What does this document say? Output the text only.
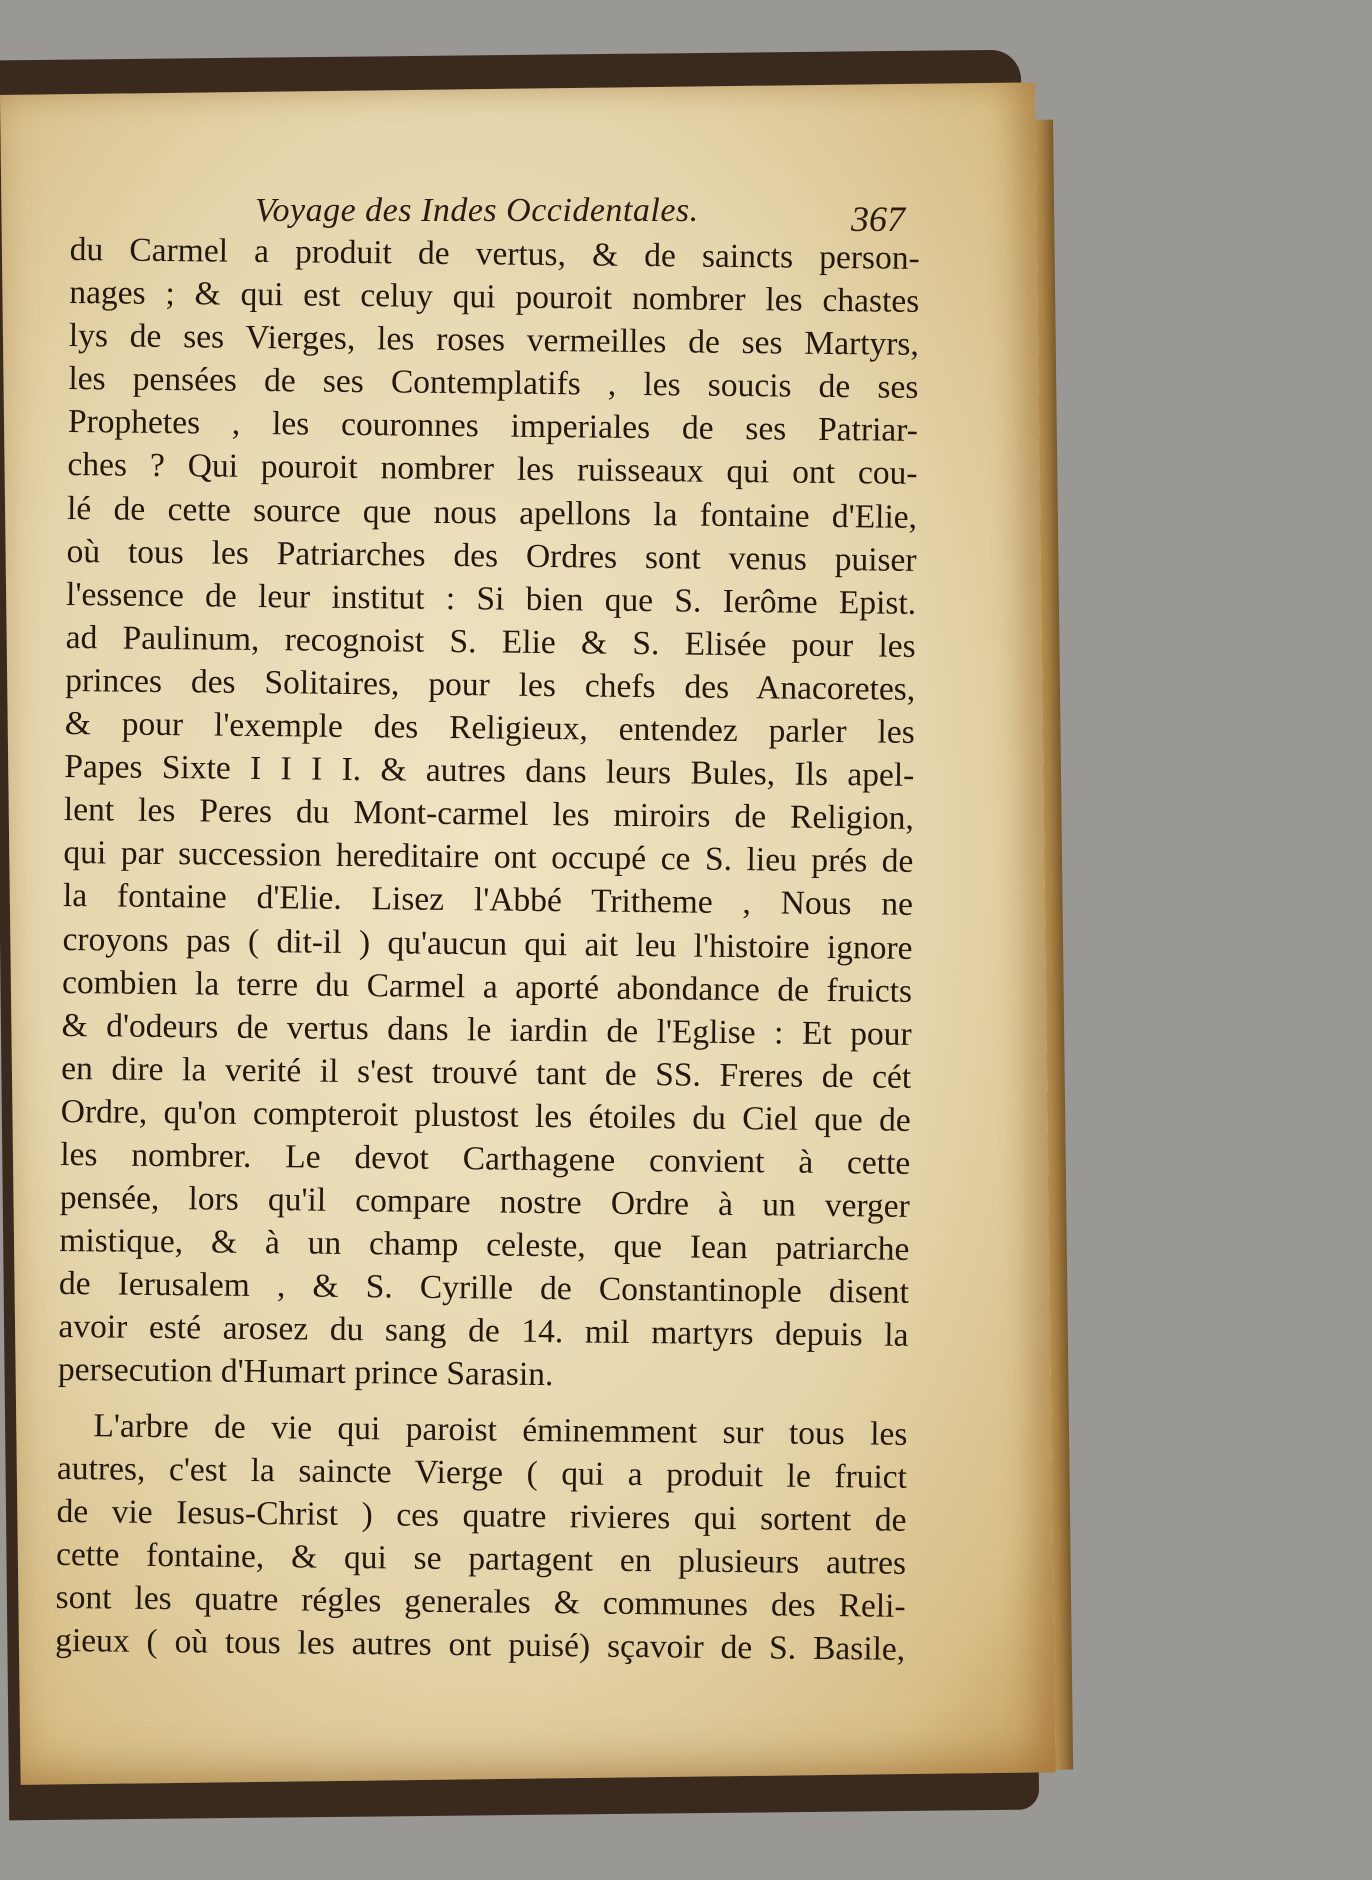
Voyage des Indes Occidentales.	367
du Carmel a produit de vertus, & de saincts person-
nages ; & qui est celuy qui pouroit nombrer les chastes
lys de ses Vierges, les roses vermeilles de ses Martyrs,
les pensées de ses Contemplatifs , les soucis de ses
Prophetes , les couronnes imperiales de ses Patriar-
ches ? Qui pouroit nombrer les ruisseaux qui ont cou-
lé de cette source que nous apellons la fontaine d'Elie,
où tous les Patriarches des Ordres sont venus puiser
l'essence de leur institut : Si bien que S. Ierôme Epist.
ad Paulinum, recognoist S. Elie & S. Elisée pour les
princes des Solitaires, pour les chefs des Anacoretes,
& pour l'exemple des Religieux, entendez parler les
Papes Sixte I I I I. & autres dans leurs Bules, Ils apel-
lent les Peres du Mont-carmel les miroirs de Religion,
qui par succession hereditaire ont occupé ce S. lieu prés de
la fontaine d'Elie. Lisez l'Abbé Tritheme , Nous ne
croyons pas ( dit-il ) qu'aucun qui ait leu l'histoire ignore
combien la terre du Carmel a aporté abondance de fruicts
& d'odeurs de vertus dans le iardin de l'Eglise : Et pour
en dire la verité il s'est trouvé tant de SS. Freres de cét
Ordre, qu'on compteroit plustost les étoiles du Ciel que de
les nombrer. Le devot Carthagene convient à cette
pensée, lors qu'il compare nostre Ordre à un verger
mistique, & à un champ celeste, que Iean patriarche
de Ierusalem , & S. Cyrille de Constantinople disent
avoir esté arosez du sang de 14. mil martyrs depuis la
persecution d'Humart prince Sarasin.
L'arbre de vie qui paroist éminemment sur tous les
autres, c'est la saincte Vierge ( qui a produit le fruict
de vie Iesus-Christ ) ces quatre rivieres qui sortent de
cette fontaine, & qui se partagent en plusieurs autres
sont les quatre régles generales & communes des Reli-
gieux ( où tous les autres ont puisé) sçavoir de S. Basile,
